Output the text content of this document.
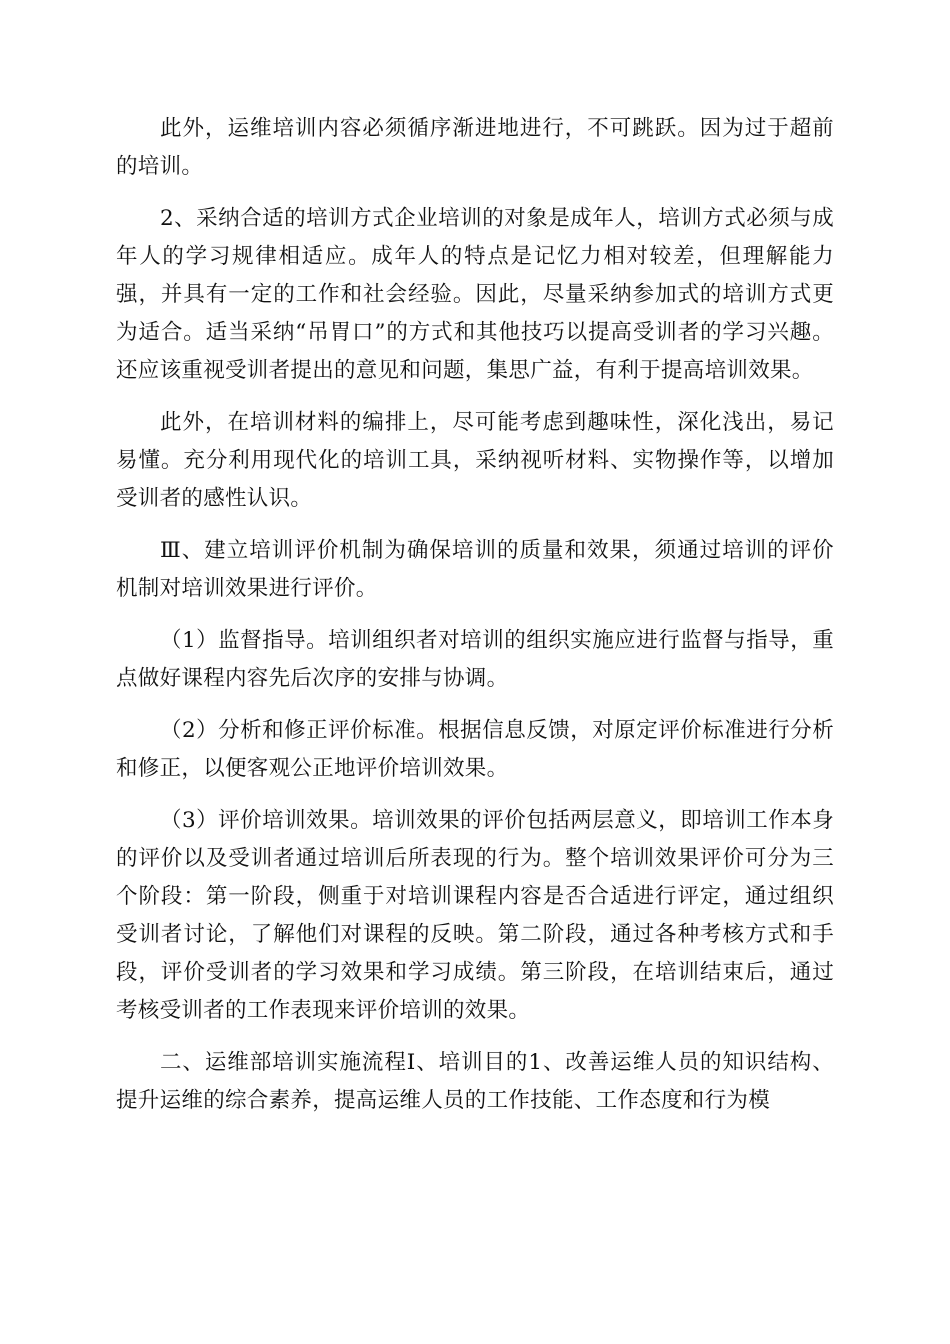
此外，运维培训内容必须循序渐进地进行，不可跳跃。因为过于超前的培训。

2、采纳合适的培训方式企业培训的对象是成年人，培训方式必须与成年人的学习规律相适应。成年人的特点是记忆力相对较差，但理解能力强，并具有一定的工作和社会经验。因此，尽量采纳参加式的培训方式更为适合。适当采纳“吊胃口”的方式和其他技巧以提高受训者的学习兴趣。还应该重视受训者提出的意见和问题，集思广益，有利于提高培训效果。

此外，在培训材料的编排上，尽可能考虑到趣味性，深化浅出，易记易懂。充分利用现代化的培训工具，采纳视听材料、实物操作等，以增加受训者的感性认识。

Ⅲ、建立培训评价机制为确保培训的质量和效果，须通过培训的评价机制对培训效果进行评价。

（1）监督指导。培训组织者对培训的组织实施应进行监督与指导，重点做好课程内容先后次序的安排与协调。

（2）分析和修正评价标准。根据信息反馈，对原定评价标准进行分析和修正，以便客观公正地评价培训效果。

（3）评价培训效果。培训效果的评价包括两层意义，即培训工作本身的评价以及受训者通过培训后所表现的行为。整个培训效果评价可分为三个阶段：第一阶段，侧重于对培训课程内容是否合适进行评定，通过组织受训者讨论，了解他们对课程的反映。第二阶段，通过各种考核方式和手段，评价受训者的学习效果和学习成绩。第三阶段，在培训结束后，通过考核受训者的工作表现来评价培训的效果。

二、运维部培训实施流程Ⅰ、培训目的1、改善运维人员的知识结构、提升运维的综合素养，提高运维人员的工作技能、工作态度和行为模
